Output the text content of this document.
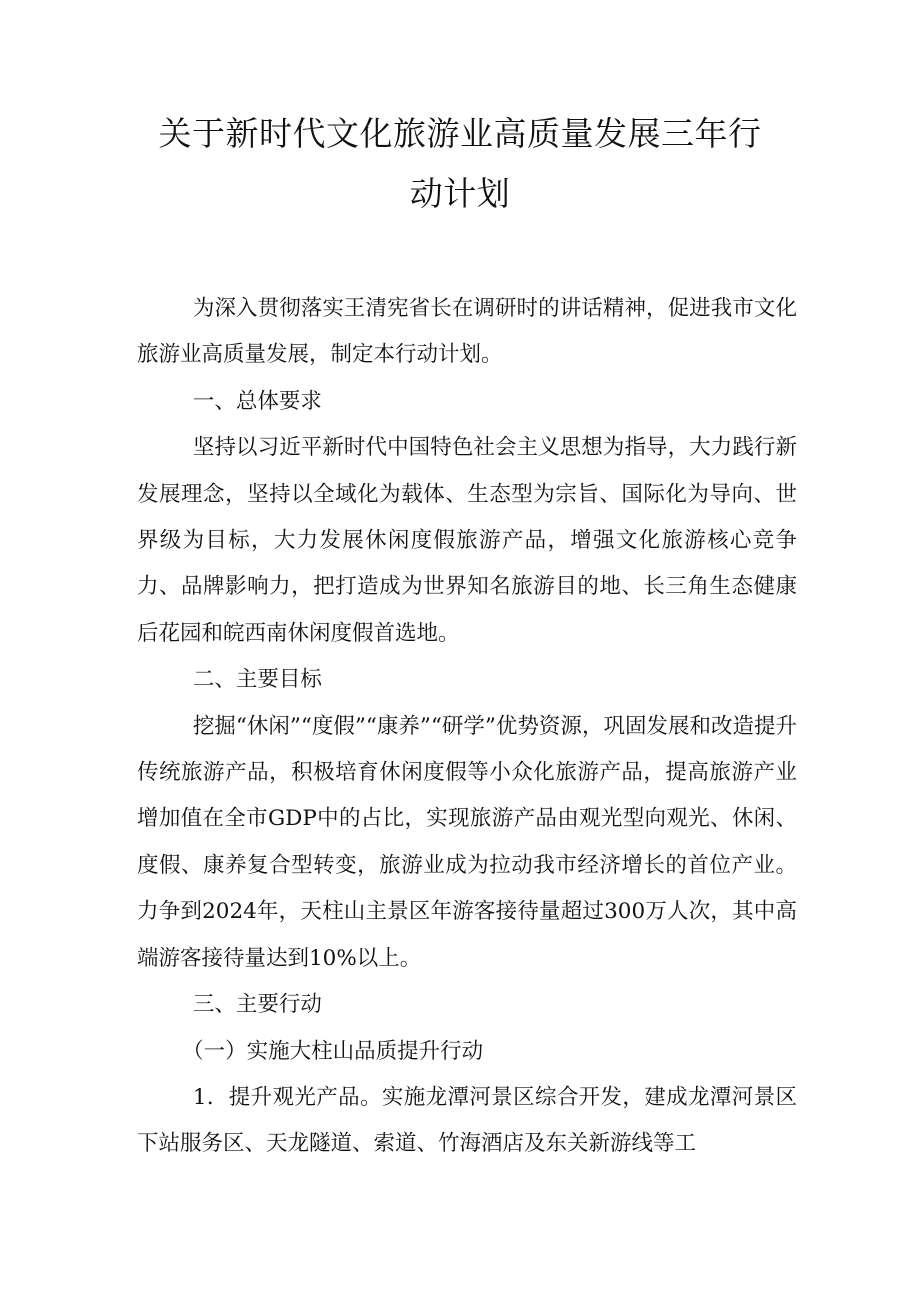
关于新时代文化旅游业高质量发展三年行
动计划

为深入贯彻落实王清宪省长在调研时的讲话精神，促进我市文化旅游业高质量发展，制定本行动计划。

一、总体要求

坚持以习近平新时代中国特色社会主义思想为指导，大力践行新发展理念，坚持以全域化为载体、生态型为宗旨、国际化为导向、世界级为目标，大力发展休闲度假旅游产品，增强文化旅游核心竞争力、品牌影响力，把打造成为世界知名旅游目的地、长三角生态健康后花园和皖西南休闲度假首选地。

二、主要目标

挖掘“休闲”“度假”“康养”“研学”优势资源，巩固发展和改造提升传统旅游产品，积极培育休闲度假等小众化旅游产品，提高旅游产业增加值在全市GDP中的占比，实现旅游产品由观光型向观光、休闲、度假、康养复合型转变，旅游业成为拉动我市经济增长的首位产业。力争到2024年，天柱山主景区年游客接待量超过300万人次，其中高端游客接待量达到10%以上。

三、主要行动

（一）实施大柱山品质提升行动

1．提升观光产品。实施龙潭河景区综合开发，建成龙潭河景区下站服务区、天龙隧道、索道、竹海酒店及东关新游线等工
